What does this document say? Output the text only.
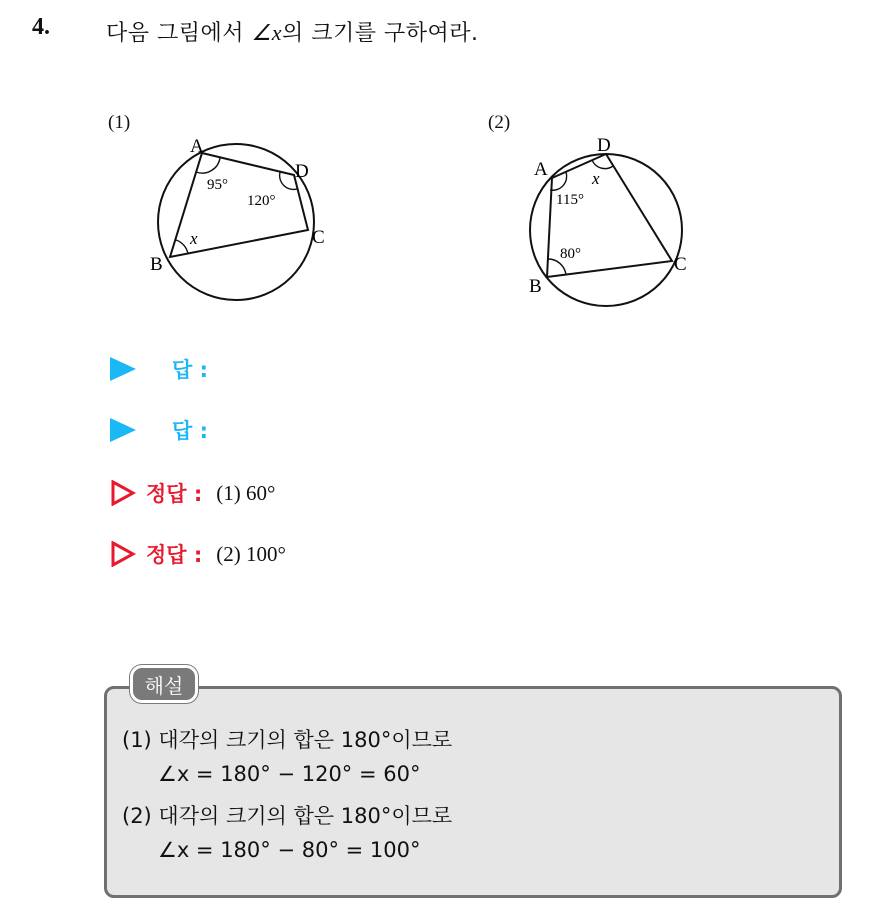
4.	다음 그림에서 ∠x의 크기를 구하여라.
(1)
A
D
C
B
95°
120°
x
(2)
A
D
C
B
115°
80°
x
답 :
답 :
정답 : (1) 60°
정답 : (2) 100°
해설
(1) 대각의 크기의 합은 180°이므로
∠x = 180° − 120° = 60°
(2) 대각의 크기의 합은 180°이므로
∠x = 180° − 80° = 100°
